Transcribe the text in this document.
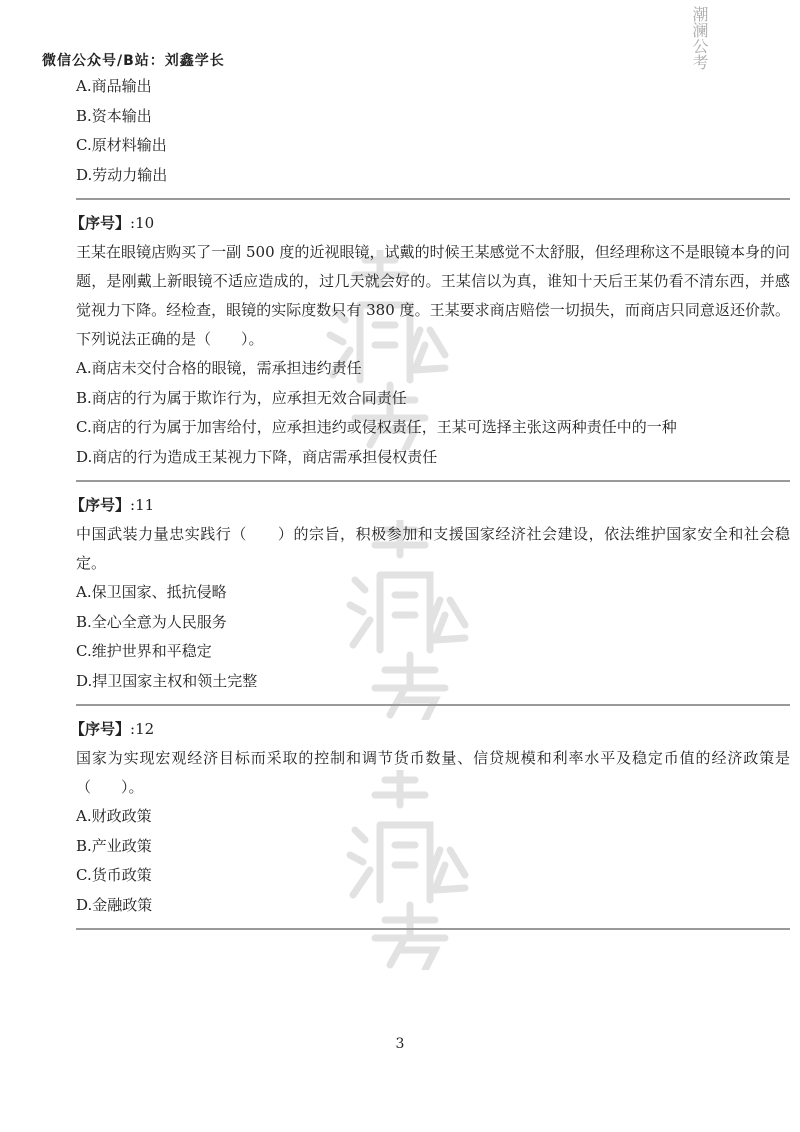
潮澜公考
微信公众号/B站：刘鑫学长
A.商品输出
B.资本输出
C.原材料输出
D.劳动力输出
【序号】:10

王某在眼镜店购买了一副 500 度的近视眼镜，试戴的时候王某感觉不太舒服，但经理称这不是眼镜本身的问题，是刚戴上新眼镜不适应造成的，过几天就会好的。王某信以为真，谁知十天后王某仍看不清东西，并感觉视力下降。经检查，眼镜的实际度数只有 380 度。王某要求商店赔偿一切损失，而商店只同意返还价款。下列说法正确的是（　　）。

A.商店未交付合格的眼镜，需承担违约责任
B.商店的行为属于欺诈行为，应承担无效合同责任
C.商店的行为属于加害给付，应承担违约或侵权责任，王某可选择主张这两种责任中的一种
D.商店的行为造成王某视力下降，商店需承担侵权责任
【序号】:11

中国武装力量忠实践行（　　）的宗旨，积极参加和支援国家经济社会建设，依法维护国家安全和社会稳定。

A.保卫国家、抵抗侵略
B.全心全意为人民服务
C.维护世界和平稳定
D.捍卫国家主权和领土完整
【序号】:12

国家为实现宏观经济目标而采取的控制和调节货币数量、信贷规模和利率水平及稳定币值的经济政策是（　　）。

A.财政政策
B.产业政策
C.货币政策
D.金融政策
3
